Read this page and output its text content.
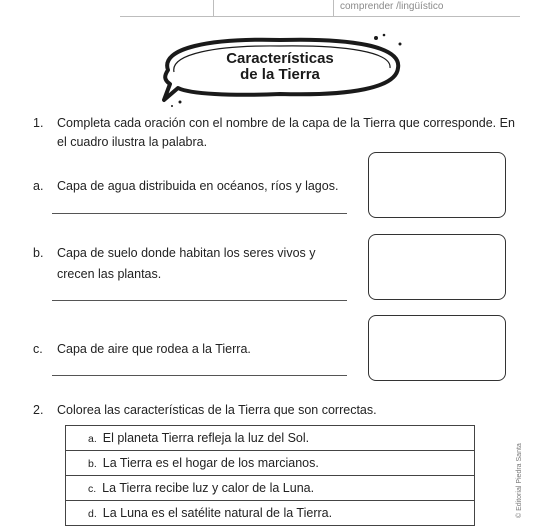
comprender /lingüístico
Características
de la Tierra
1.	Completa cada oración con el nombre de la capa de la Tierra que corresponde. En
el cuadro ilustra la palabra.
a.	Capa de agua distribuida en océanos, ríos y lagos.
b.	Capa de suelo donde habitan los seres vivos y
crecen las plantas.
c.	Capa de aire que rodea a la Tierra.
2.	Colorea las características de la Tierra que son correctas.
a. El planeta Tierra refleja la luz del Sol.
b. La Tierra es el hogar de los marcianos.
c. La Tierra recibe luz y calor de la Luna.
d. La Luna es el satélite natural de la Tierra.	© Editorial Piedra Santa
